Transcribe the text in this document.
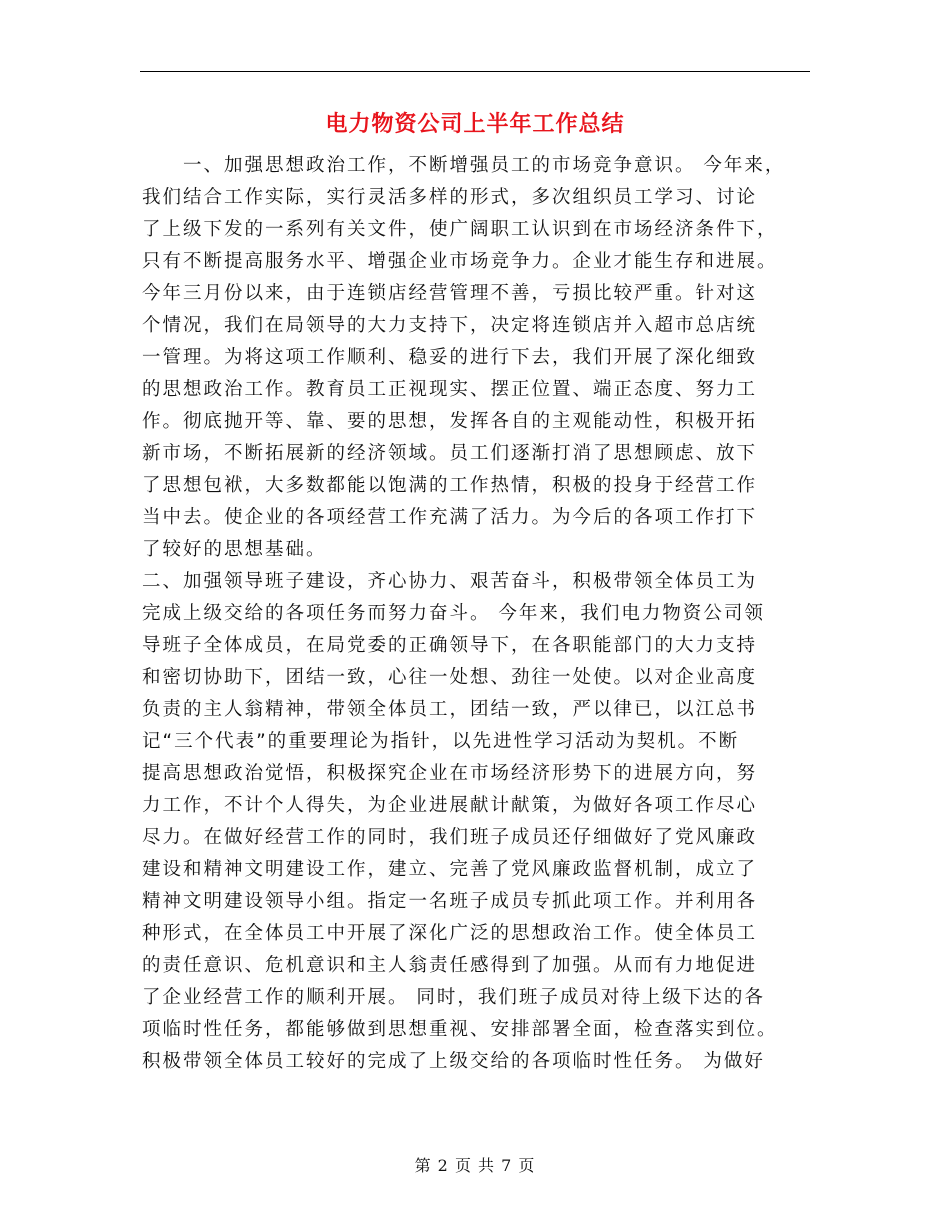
电力物资公司上半年工作总结
　　一、加强思想政治工作，不断增强员工的市场竞争意识。 今年来，
我们结合工作实际，实行灵活多样的形式，多次组织员工学习、讨论
了上级下发的一系列有关文件，使广阔职工认识到在市场经济条件下，
只有不断提高服务水平、增强企业市场竞争力。企业才能生存和进展。
今年三月份以来，由于连锁店经营管理不善，亏损比较严重。针对这
个情况，我们在局领导的大力支持下，决定将连锁店并入超市总店统
一管理。为将这项工作顺利、稳妥的进行下去，我们开展了深化细致
的思想政治工作。教育员工正视现实、摆正位置、端正态度、努力工
作。彻底抛开等、靠、要的思想，发挥各自的主观能动性，积极开拓
新市场，不断拓展新的经济领域。员工们逐渐打消了思想顾虑、放下
了思想包袱，大多数都能以饱满的工作热情，积极的投身于经营工作
当中去。使企业的各项经营工作充满了活力。为今后的各项工作打下
了较好的思想基础。
二、加强领导班子建设，齐心协力、艰苦奋斗，积极带领全体员工为
完成上级交给的各项任务而努力奋斗。 今年来，我们电力物资公司领
导班子全体成员，在局党委的正确领导下，在各职能部门的大力支持
和密切协助下，团结一致，心往一处想、劲往一处使。以对企业高度
负责的主人翁精神，带领全体员工，团结一致，严以律已，以江总书
记“三个代表”的重要理论为指针，以先进性学习活动为契机。不断
提高思想政治觉悟，积极探究企业在市场经济形势下的进展方向，努
力工作，不计个人得失，为企业进展献计献策，为做好各项工作尽心
尽力。在做好经营工作的同时，我们班子成员还仔细做好了党风廉政
建设和精神文明建设工作，建立、完善了党风廉政监督机制，成立了
精神文明建设领导小组。指定一名班子成员专抓此项工作。并利用各
种形式，在全体员工中开展了深化广泛的思想政治工作。使全体员工
的责任意识、危机意识和主人翁责任感得到了加强。从而有力地促进
了企业经营工作的顺利开展。 同时，我们班子成员对待上级下达的各
项临时性任务，都能够做到思想重视、安排部署全面，检查落实到位。
积极带领全体员工较好的完成了上级交给的各项临时性任务。 为做好
第 2 页 共 7 页
